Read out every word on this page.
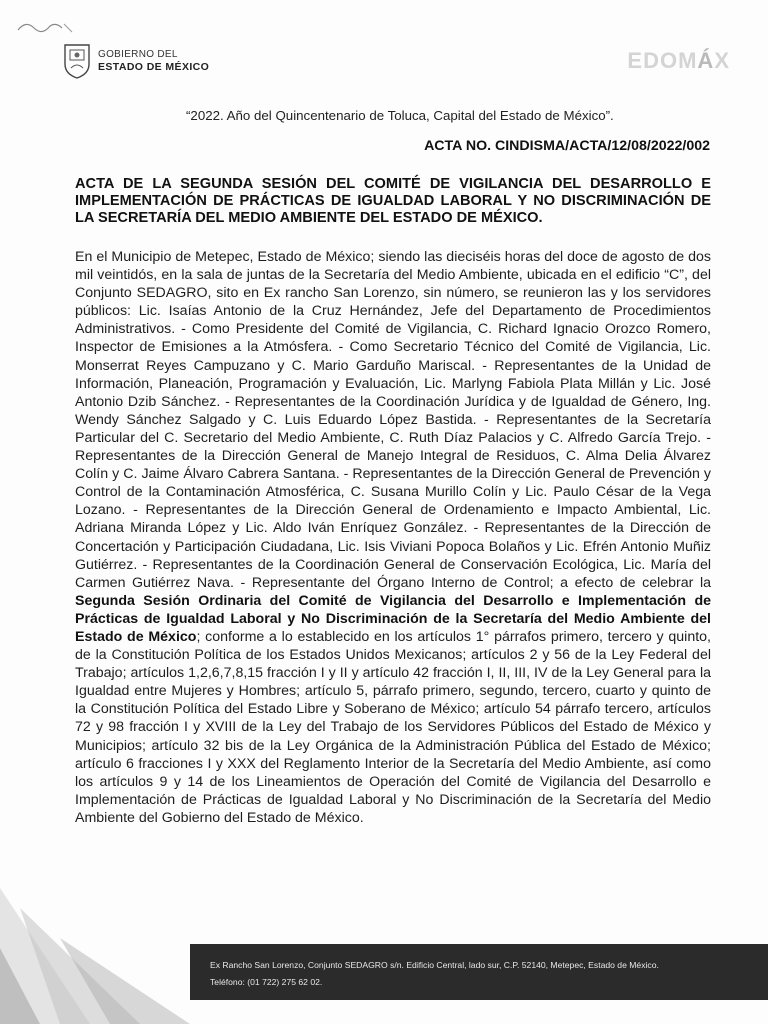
GOBIERNO DEL
ESTADO DE MÉXICO	EDOMÁX
“2022. Año del Quincentenario de Toluca, Capital del Estado de México”.
ACTA NO. CINDISMA/ACTA/12/08/2022/002
ACTA DE LA SEGUNDA SESIÓN DEL COMITÉ DE VIGILANCIA DEL DESARROLLO E IMPLEMENTACIÓN DE PRÁCTICAS DE IGUALDAD LABORAL Y NO DISCRIMINACIÓN DE LA SECRETARÍA DEL MEDIO AMBIENTE DEL ESTADO DE MÉXICO.
En el Municipio de Metepec, Estado de México; siendo las dieciséis horas del doce de agosto de dos mil veintidós, en la sala de juntas de la Secretaría del Medio Ambiente, ubicada en el edificio “C”, del Conjunto SEDAGRO, sito en Ex rancho San Lorenzo, sin número, se reunieron las y los servidores públicos: Lic. Isaías Antonio de la Cruz Hernández, Jefe del Departamento de Procedimientos Administrativos. - Como Presidente del Comité de Vigilancia, C. Richard Ignacio Orozco Romero, Inspector de Emisiones a la Atmósfera. - Como Secretario Técnico del Comité de Vigilancia, Lic. Monserrat Reyes Campuzano y C. Mario Garduño Mariscal. - Representantes de la Unidad de Información, Planeación, Programación y Evaluación, Lic. Marlyng Fabiola Plata Millán y Lic. José Antonio Dzib Sánchez. - Representantes de la Coordinación Jurídica y de Igualdad de Género, Ing. Wendy Sánchez Salgado y C. Luis Eduardo López Bastida. - Representantes de la Secretaría Particular del C. Secretario del Medio Ambiente, C. Ruth Díaz Palacios y C. Alfredo García Trejo. - Representantes de la Dirección General de Manejo Integral de Residuos, C. Alma Delia Álvarez Colín y C. Jaime Álvaro Cabrera Santana. - Representantes de la Dirección General de Prevención y Control de la Contaminación Atmosférica, C. Susana Murillo Colín y Lic. Paulo César de la Vega Lozano. - Representantes de la Dirección General de Ordenamiento e Impacto Ambiental, Lic. Adriana Miranda López y Lic. Aldo Iván Enríquez González. - Representantes de la Dirección de Concertación y Participación Ciudadana, Lic. Isis Viviani Popoca Bolaños y Lic. Efrén Antonio Muñiz Gutiérrez. - Representantes de la Coordinación General de Conservación Ecológica, Lic. María del Carmen Gutiérrez Nava. - Representante del Órgano Interno de Control; a efecto de celebrar la Segunda Sesión Ordinaria del Comité de Vigilancia del Desarrollo e Implementación de Prácticas de Igualdad Laboral y No Discriminación de la Secretaría del Medio Ambiente del Estado de México; conforme a lo establecido en los artículos 1° párrafos primero, tercero y quinto, de la Constitución Política de los Estados Unidos Mexicanos; artículos 2 y 56 de la Ley Federal del Trabajo; artículos 1,2,6,7,8,15 fracción I y II y artículo 42 fracción I, II, III, IV de la Ley General para la Igualdad entre Mujeres y Hombres; artículo 5, párrafo primero, segundo, tercero, cuarto y quinto de la Constitución Política del Estado Libre y Soberano de México; artículo 54 párrafo tercero, artículos 72 y 98 fracción I y XVIII de la Ley del Trabajo de los Servidores Públicos del Estado de México y Municipios; artículo 32 bis de la Ley Orgánica de la Administración Pública del Estado de México; artículo 6 fracciones I y XXX del Reglamento Interior de la Secretaría del Medio Ambiente, así como los artículos 9 y 14 de los Lineamientos de Operación del Comité de Vigilancia del Desarrollo e Implementación de Prácticas de Igualdad Laboral y No Discriminación de la Secretaría del Medio Ambiente del Gobierno del Estado de México.
Ex Rancho San Lorenzo, Conjunto SEDAGRO s/n. Edificio Central, lado sur, C.P. 52140, Metepec, Estado de México.
Teléfono: (01 722) 275 62 02.
